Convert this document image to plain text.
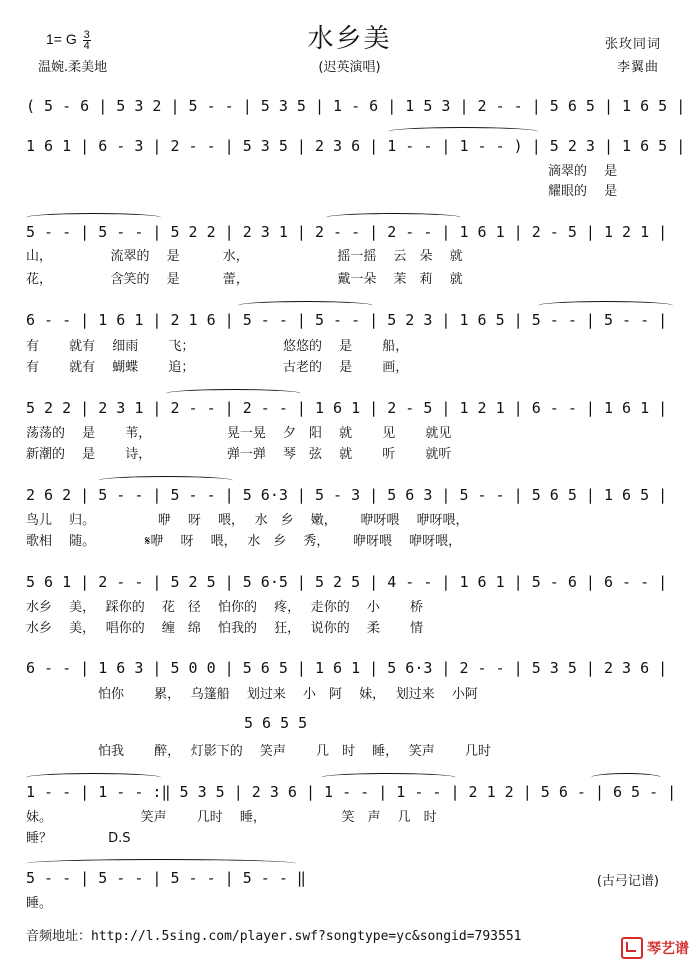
1= G $\frac{3}{4}$	水乡美
(迟英演唱)
温婉.柔美地
张玫同词
李翼曲
( 5 - 6 | 5 3 2 | 5 - - | 5 3 5 | 1 - 6 | 1 5 3 | 2 - - | 5 6 5 | 1 6 5 |
1 6 1 | 6 - 3 | 2 - - | 5 3 5 | 2 3 6 | 1 - - | 1 - - ) | 5 2 3 | 1 6 5 |
滴翠的　 是
耀眼的　 是
5 - - | 5 - - | 5 2 2 | 2 3 1 | 2 - - | 2 - - | 1 6 1 | 2 - 5 | 1 2 1 |
山，　　　　　流翠的　 是　　　 水，　　　　　　　 摇一摇　 云　朵　 就
花，　　　　　含笑的　 是　　　 蕾，　　　　　　　 戴一朵　 茉　莉　 就
6 - - | 1 6 1 | 2 1 6 | 5 - - | 5 - - | 5 2 3 | 1 6 5 | 5 - - | 5 - - |
有　　 就有　 细雨　　 飞；　　　　　　　 悠悠的　 是　　 船，
有　　 就有　 蝴蝶　　 追；　　　　　　　 古老的　 是　　 画，
5 2 2 | 2 3 1 | 2 - - | 2 - - | 1 6 1 | 2 - 5 | 1 2 1 | 6 - - | 1 6 1 |
荡荡的　 是　　 苇，　　　　　　 晃一晃　 夕　阳　 就　　 见　　 就见
新潮的　 是　　 诗，　　　　　　 弹一弹　 琴　弦　 就　　 听　　 就听
2 6 2 | 5 - - | 5 - - | 5 6·3 | 5 - 3 | 5 6 3 | 5 - - | 5 6 5 | 1 6 5 |
鸟儿　 归。　　　　　 咿　 呀　 喂，　 水　乡　 嫩，　　 咿呀喂　 咿呀喂，
歌相　 随。　　　　 𝄋咿　 呀　 喂，　 水　乡　 秀，　　 咿呀喂　 咿呀喂，
5 6 1 | 2 - - | 5 2 5 | 5 6·5 | 5 2 5 | 4 - - | 1 6 1 | 5 - 6 | 6 - - |
水乡　 美，　 踩你的　 花　径　 怕你的　 疼，　 走你的　 小　　 桥
水乡　 美，　 唱你的　 缠　绵　 怕我的　 狂，　 说你的　 柔　　 情
6 - - | 1 6 3 | 5 0 0 | 5 6 5 | 1 6 1 | 5 6·3 | 2 - - | 5 3 5 | 2 3 6 |
怕你　　 累，　 乌篷船　 划过来　 小　阿　 妹，　 划过来　 小阿
5 6 5 5
怕我　　 醉，　 灯影下的　 笑声　　 几　时　 睡，　 笑声　　 几时
1 - - | 1 - - :‖ 5 3 5 | 2 3 6 | 1 - - | 1 - - | 2 1 2 | 5 6 - | 6 5 - |
妹。　　　　　　　 笑声　　 几时　 睡，　　　　　　 笑　声　 几　时
睡？　　　　 D.S
5 - - | 5 - - | 5 - - | 5 - - ‖
睡。
(古弓记谱)
音频地址：http://l.5sing.com/player.swf?songtype=yc&songid=793551
琴艺谱
